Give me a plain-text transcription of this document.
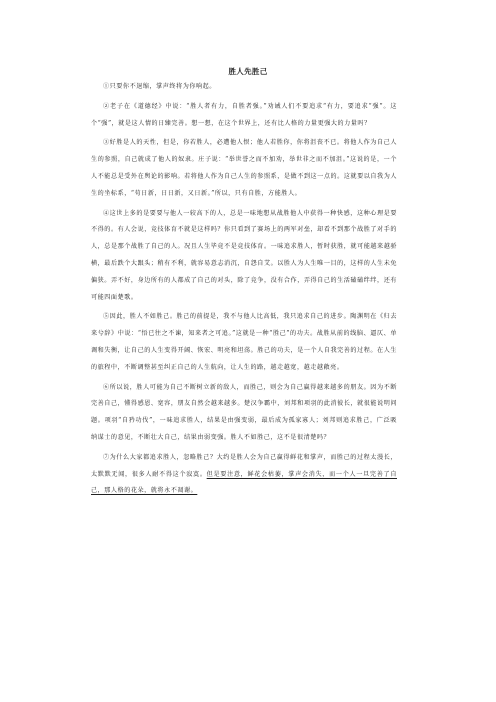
胜人先胜己

①只要你不退缩，掌声终将为你响起。

②老子在《道德经》中说：“胜人者有力，自胜者强。”劝诫人们不要追求“有力，要追求“强”。这个“强”，就是这人情的日臻完善。想一想，在这个世界上，还有比人格的力量更强大的力量吗？

③好胜是人的天性，但是，你若胜人，必遭他人恨；他人若胜你，你将沮丧不已。将他人作为自己人生的参照，自己就成了他人的奴隶。庄子说：“举世誉之而不加劝，举世非之而不加沮。”这说的是，一个人不能总是受外在舆论的影响。若将他人作为自己人生的参照系，是做不到这一点的。这就要以自我为人生的坐标系，“苟日新，日日新，又日新。”所以，只有自胜，方能胜人。

④这世上多的是要要与他人一较高下的人，总是一味地想从战胜他人中获得一种快感，这种心理是要不得的。有人会说，竞技体育不就是这样吗？你只看到了赛场上的两军对垒，却看不到那个战胜了对手的人，总是那个战胜了自己的人。况且人生毕竟不是竞技体育。一味追求胜人，暂时获胜，就可能越来越骄横，最后跌个大跟头；稍有不利，就容易意志消沉，自怨自艾。以胜人为人生唯一目的，这样的人生未免偏狭。弄不好，身边所有的人都成了自己的对头，除了竞争，没有合作，弄得自己的生活磕磕绊绊，还有可能四面楚歌。

⑤因此，胜人不如胜己。胜己的前提是，我不与他人比高低，我只追求自己的进步。陶渊明在《归去来兮辞》中说：“悟已往之不谏，知来者之可追。”这就是一种“胜己”的功夫。战胜从前的线脑、逼仄、单调和失衡，让自己的人生变得开阔、恢宏、明亮和坦荡。胜己的功夫，是一个人自我完善的过程。在人生的旅程中，不断调整甚至纠正自己的人生航向，让人生的路，越走越宽，越走越敞亮。

⑥所以说，胜人可能为自己不断树立新的敌人，而胜己，则会为自己赢得越来越多的朋友。因为不断完善自己，懂得感恩、宽容，朋友自然会越来越多。楚汉争霸中，刘邦和项羽的此消彼长，就很能说明问题。项羽“自矜功伐”，一味追求胜人，结果是由强变弱，最后成为孤家寡人；刘邦则追求胜己，广泛吸纳谋士的意见，不断壮大自己，结果由弱变强。胜人不如胜己，这不是很清楚吗？

⑦为什么大家都追求胜人，忽略胜己？大约是胜人会为自己赢得鲜花和掌声，而胜己的过程太漫长，太默默无闻，很多人耐不得这个寂寞。但是要注意，鲜花会枯萎，掌声会消失，而一个人一旦完善了自己，那人格的花朵，就将永不凋谢。
